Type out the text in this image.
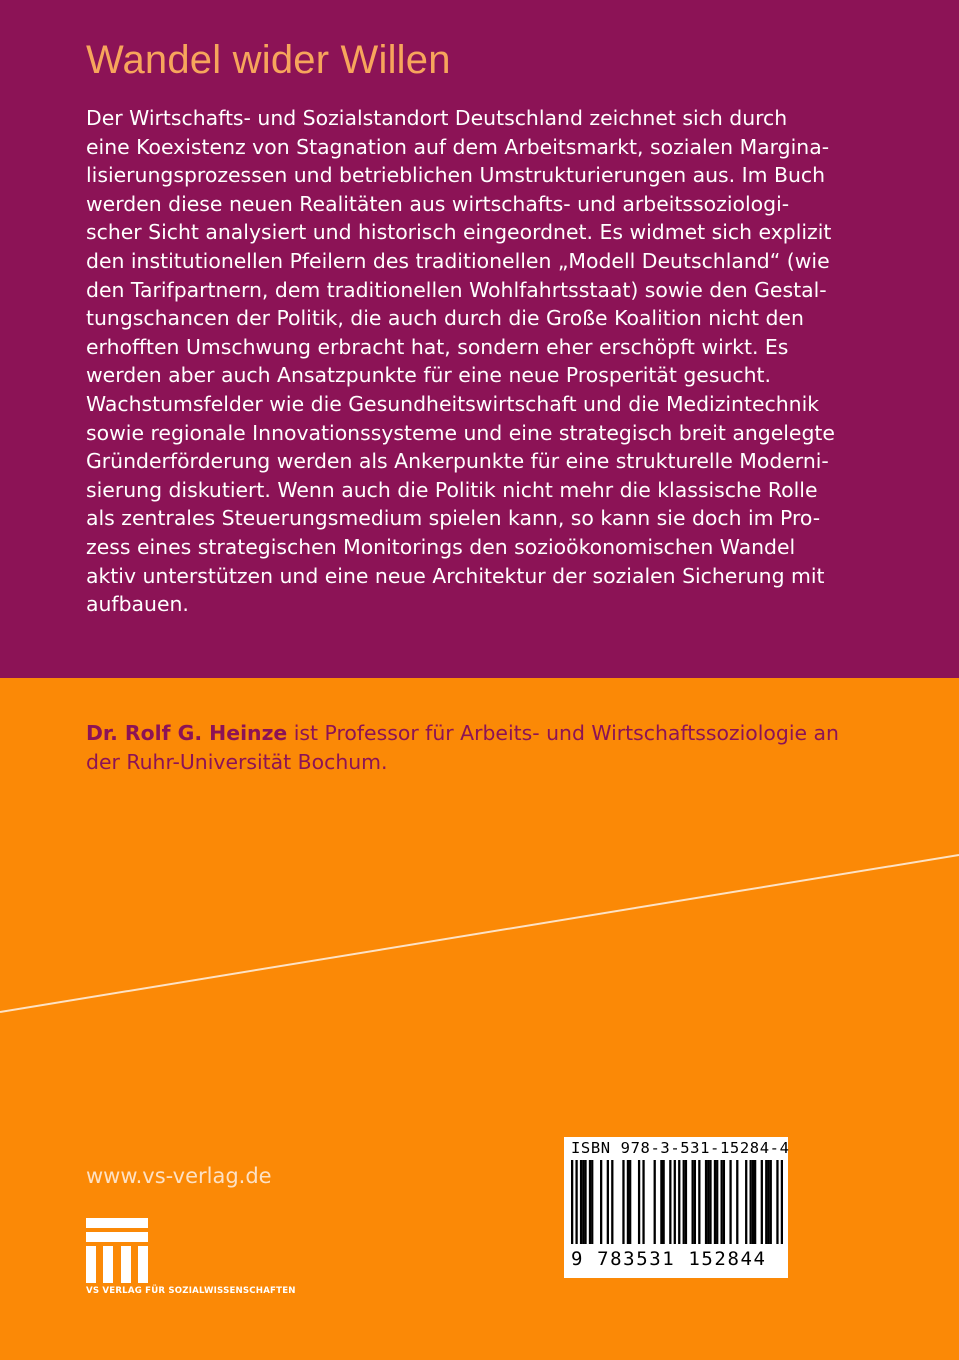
Wandel wider Willen
Der Wirtschafts- und Sozialstandort Deutschland zeichnet sich durch
eine Koexistenz von Stagnation auf dem Arbeitsmarkt, sozialen Margina-
lisierungsprozessen und betrieblichen Umstrukturierungen aus. Im Buch
werden diese neuen Realitäten aus wirtschafts- und arbeitssoziologi-
scher Sicht analysiert und historisch eingeordnet. Es widmet sich explizit
den institutionellen Pfeilern des traditionellen „Modell Deutschland“ (wie
den Tarifpartnern, dem traditionellen Wohlfahrtsstaat) sowie den Gestal-
tungschancen der Politik, die auch durch die Große Koalition nicht den
erhofften Umschwung erbracht hat, sondern eher erschöpft wirkt. Es
werden aber auch Ansatzpunkte für eine neue Prosperität gesucht.
Wachstumsfelder wie die Gesundheitswirtschaft und die Medizintechnik
sowie regionale Innovationssysteme und eine strategisch breit angelegte
Gründerförderung werden als Ankerpunkte für eine strukturelle Moderni-
sierung diskutiert. Wenn auch die Politik nicht mehr die klassische Rolle
als zentrales Steuerungsmedium spielen kann, so kann sie doch im Pro-
zess eines strategischen Monitorings den sozioökonomischen Wandel
aktiv unterstützen und eine neue Architektur der sozialen Sicherung mit
aufbauen.
Dr. Rolf G. Heinze ist Professor für Arbeits- und Wirtschaftssoziologie an
der Ruhr-Universität Bochum.
www.vs-verlag.de
VS VERLAG FÜR SOZIALWISSENSCHAFTEN
ISBN 978-3-531-15284-4
9 783531 152844
